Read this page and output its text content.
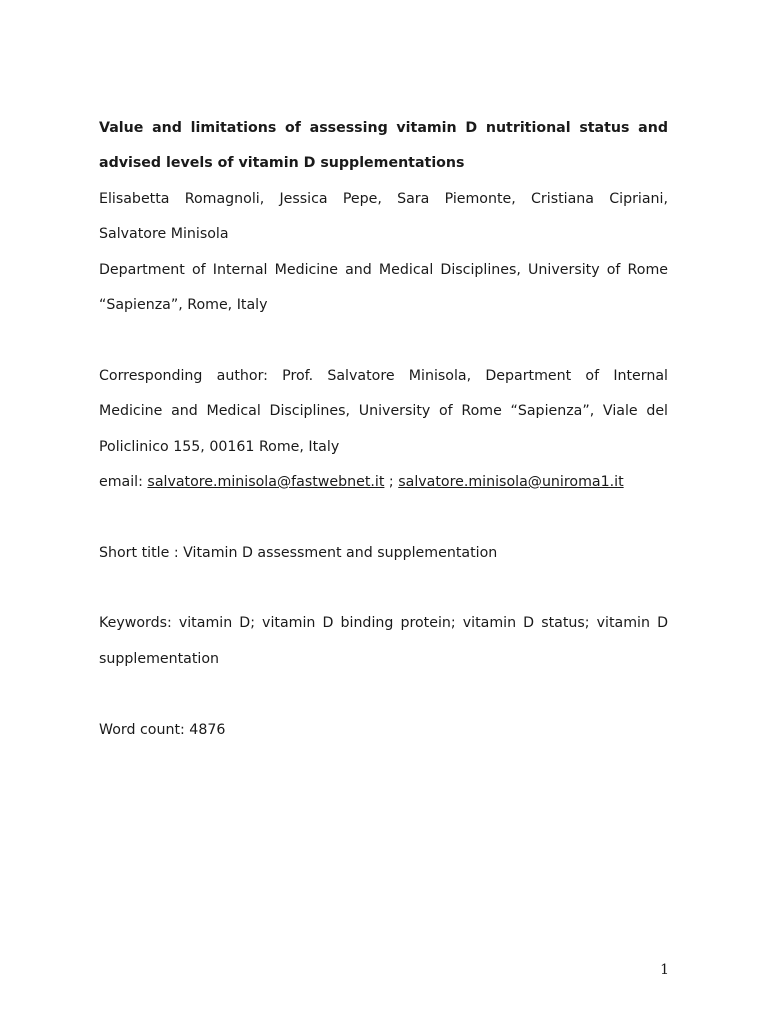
Value and limitations of assessing vitamin D nutritional status and
advised levels of vitamin D supplementations
Elisabetta Romagnoli, Jessica Pepe, Sara Piemonte, Cristiana Cipriani,
Salvatore Minisola
Department of Internal Medicine and Medical Disciplines, University of Rome
“Sapienza”, Rome, Italy
Corresponding author: Prof. Salvatore Minisola, Department of Internal
Medicine and Medical Disciplines, University of Rome “Sapienza”, Viale del
Policlinico 155, 00161 Rome, Italy
email: salvatore.minisola@fastwebnet.it ; salvatore.minisola@uniroma1.it
Short title : Vitamin D assessment and supplementation
Keywords: vitamin D; vitamin D binding protein; vitamin D status; vitamin D
supplementation
Word count: 4876
1
